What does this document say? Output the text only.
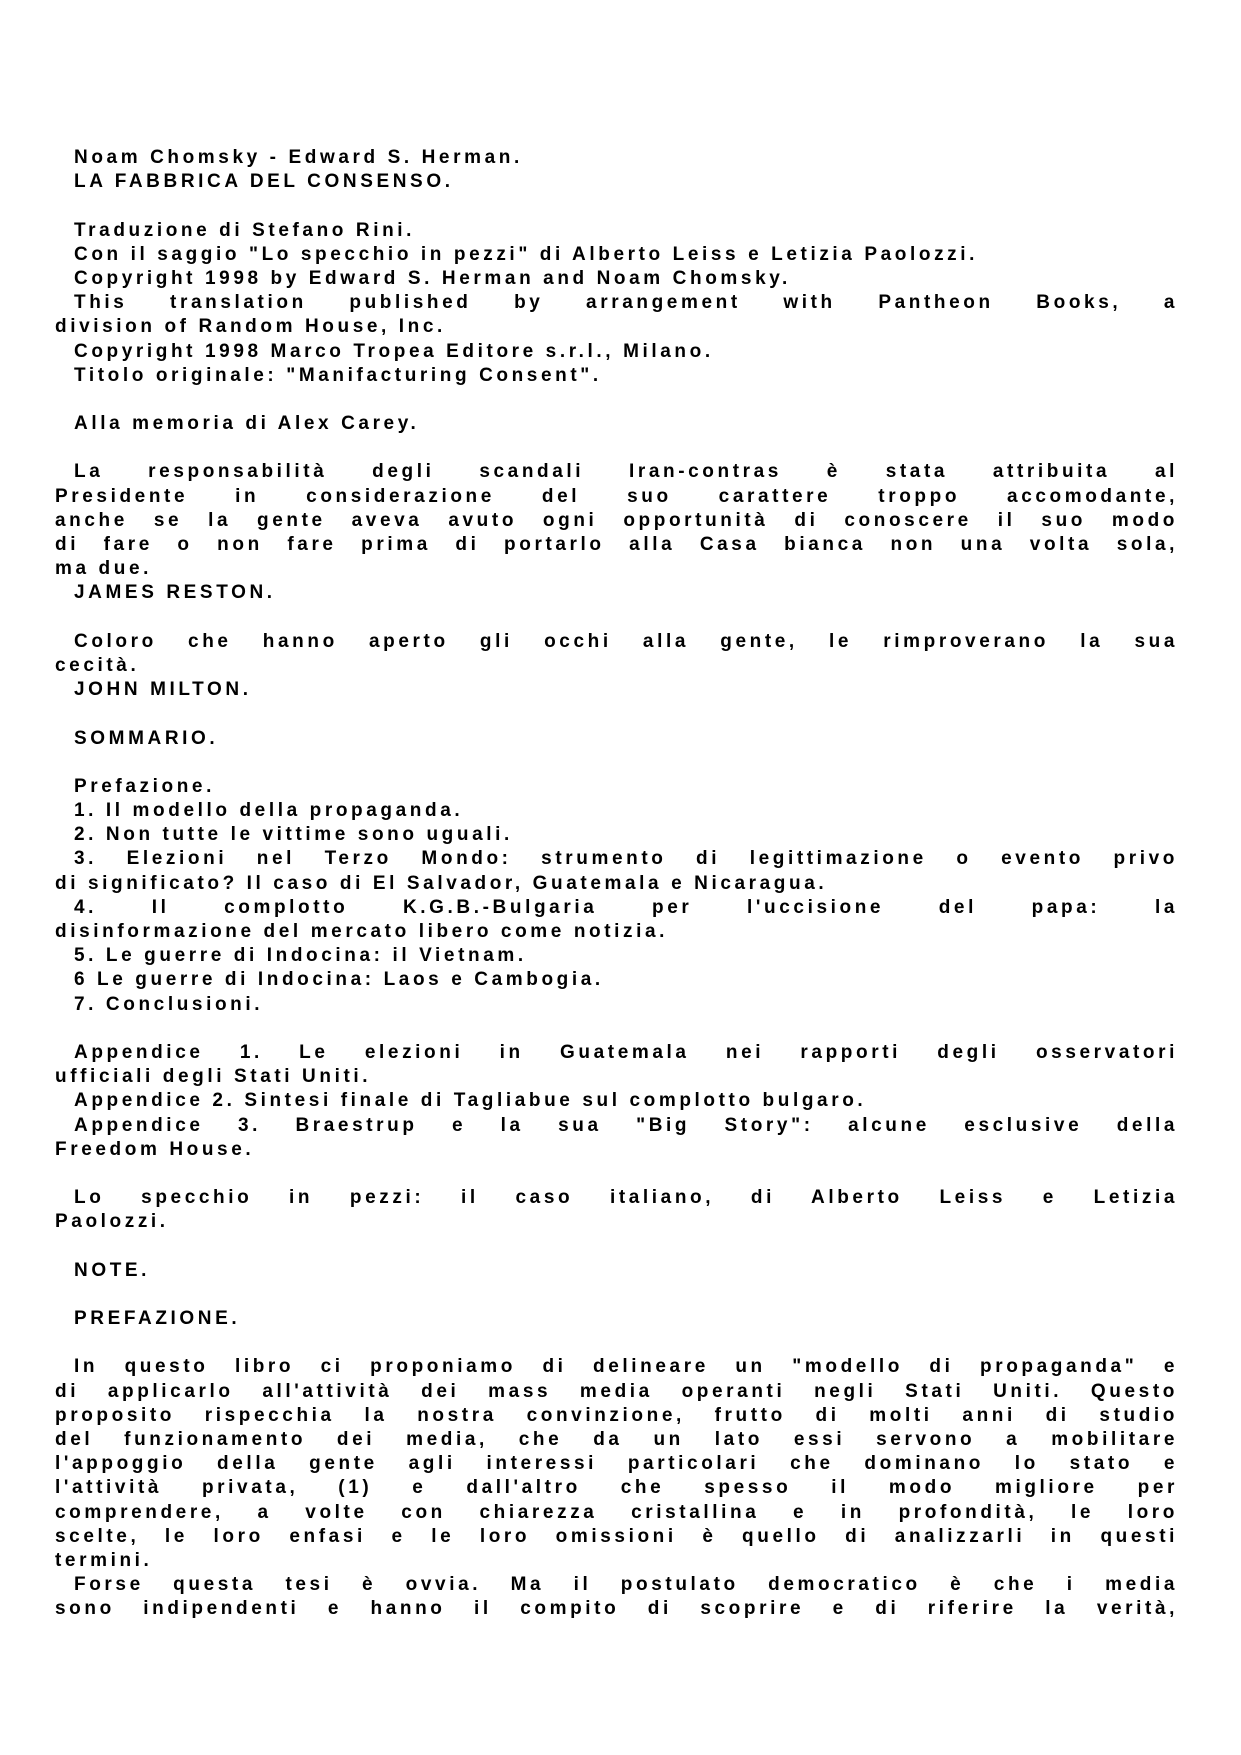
Noam Chomsky - Edward S. Herman.
LA FABBRICA DEL CONSENSO.
Traduzione di Stefano Rini.
Con il saggio "Lo specchio in pezzi" di Alberto Leiss e Letizia Paolozzi.
Copyright 1998 by Edward S. Herman and Noam Chomsky.
This translation published by arrangement with Pantheon Books, a
division of Random House, Inc.
Copyright 1998 Marco Tropea Editore s.r.l., Milano.
Titolo originale: "Manifacturing Consent".
Alla memoria di Alex Carey.
La responsabilità degli scandali Iran-contras è stata attribuita al
Presidente in considerazione del suo carattere troppo accomodante,
anche se la gente aveva avuto ogni opportunità di conoscere il suo modo
di fare o non fare prima di portarlo alla Casa bianca non una volta sola,
ma due.
JAMES RESTON.
Coloro che hanno aperto gli occhi alla gente, le rimproverano la sua
cecità.
JOHN MILTON.
SOMMARIO.
Prefazione.
1. Il modello della propaganda.
2. Non tutte le vittime sono uguali.
3. Elezioni nel Terzo Mondo: strumento di legittimazione o evento privo
di significato? Il caso di El Salvador, Guatemala e Nicaragua.
4. Il complotto K.G.B.-Bulgaria per l'uccisione del papa: la
disinformazione del mercato libero come notizia.
5. Le guerre di Indocina: il Vietnam.
6 Le guerre di Indocina: Laos e Cambogia.
7. Conclusioni.
Appendice 1. Le elezioni in Guatemala nei rapporti degli osservatori
ufficiali degli Stati Uniti.
Appendice 2. Sintesi finale di Tagliabue sul complotto bulgaro.
Appendice 3. Braestrup e la sua "Big Story": alcune esclusive della
Freedom House.
Lo specchio in pezzi: il caso italiano, di Alberto Leiss e Letizia
Paolozzi.
NOTE.
PREFAZIONE.
In questo libro ci proponiamo di delineare un "modello di propaganda" e
di applicarlo all'attività dei mass media operanti negli Stati Uniti. Questo
proposito rispecchia la nostra convinzione, frutto di molti anni di studio
del funzionamento dei media, che da un lato essi servono a mobilitare
l'appoggio della gente agli interessi particolari che dominano lo stato e
l'attività privata, (1) e dall'altro che spesso il modo migliore per
comprendere, a volte con chiarezza cristallina e in profondità, le loro
scelte, le loro enfasi e le loro omissioni è quello di analizzarli in questi
termini.
Forse questa tesi è ovvia. Ma il postulato democratico è che i media
sono indipendenti e hanno il compito di scoprire e di riferire la verità,
